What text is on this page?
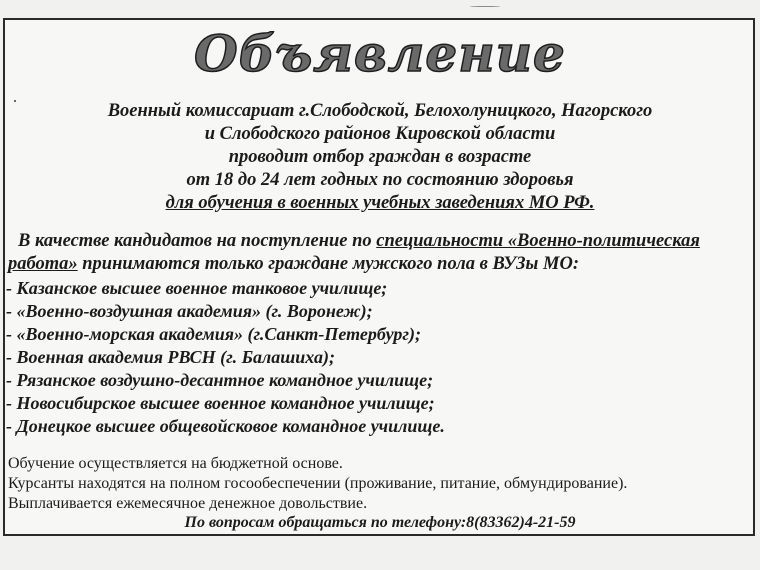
Объявление
Военный комиссариат г.Слободской, Белохолуницкого, Нагорского
и Слободского районов Кировской области
проводит отбор граждан в возрасте
от 18 до 24 лет годных по состоянию здоровья
для обучения в военных учебных заведениях МО РФ.
В качестве кандидатов на поступление по специальности «Военно-политическая
работа» принимаются только граждане мужского пола в ВУЗы МО:
- Казанское высшее военное танковое училище;
- «Военно-воздушная академия» (г. Воронеж);
- «Военно-морская академия» (г.Санкт-Петербург);
- Военная академия РВСН (г. Балашиха);
- Рязанское воздушно-десантное командное училище;
- Новосибирское высшее военное командное училище;
- Донецкое высшее общевойсковое командное училище.
Обучение осуществляется на бюджетной основе.
Курсанты находятся на полном госообеспечении (проживание, питание, обмундирование).
Выплачивается ежемесячное денежное довольствие.
По вопросам обращаться по телефону:8(83362)4-21-59
